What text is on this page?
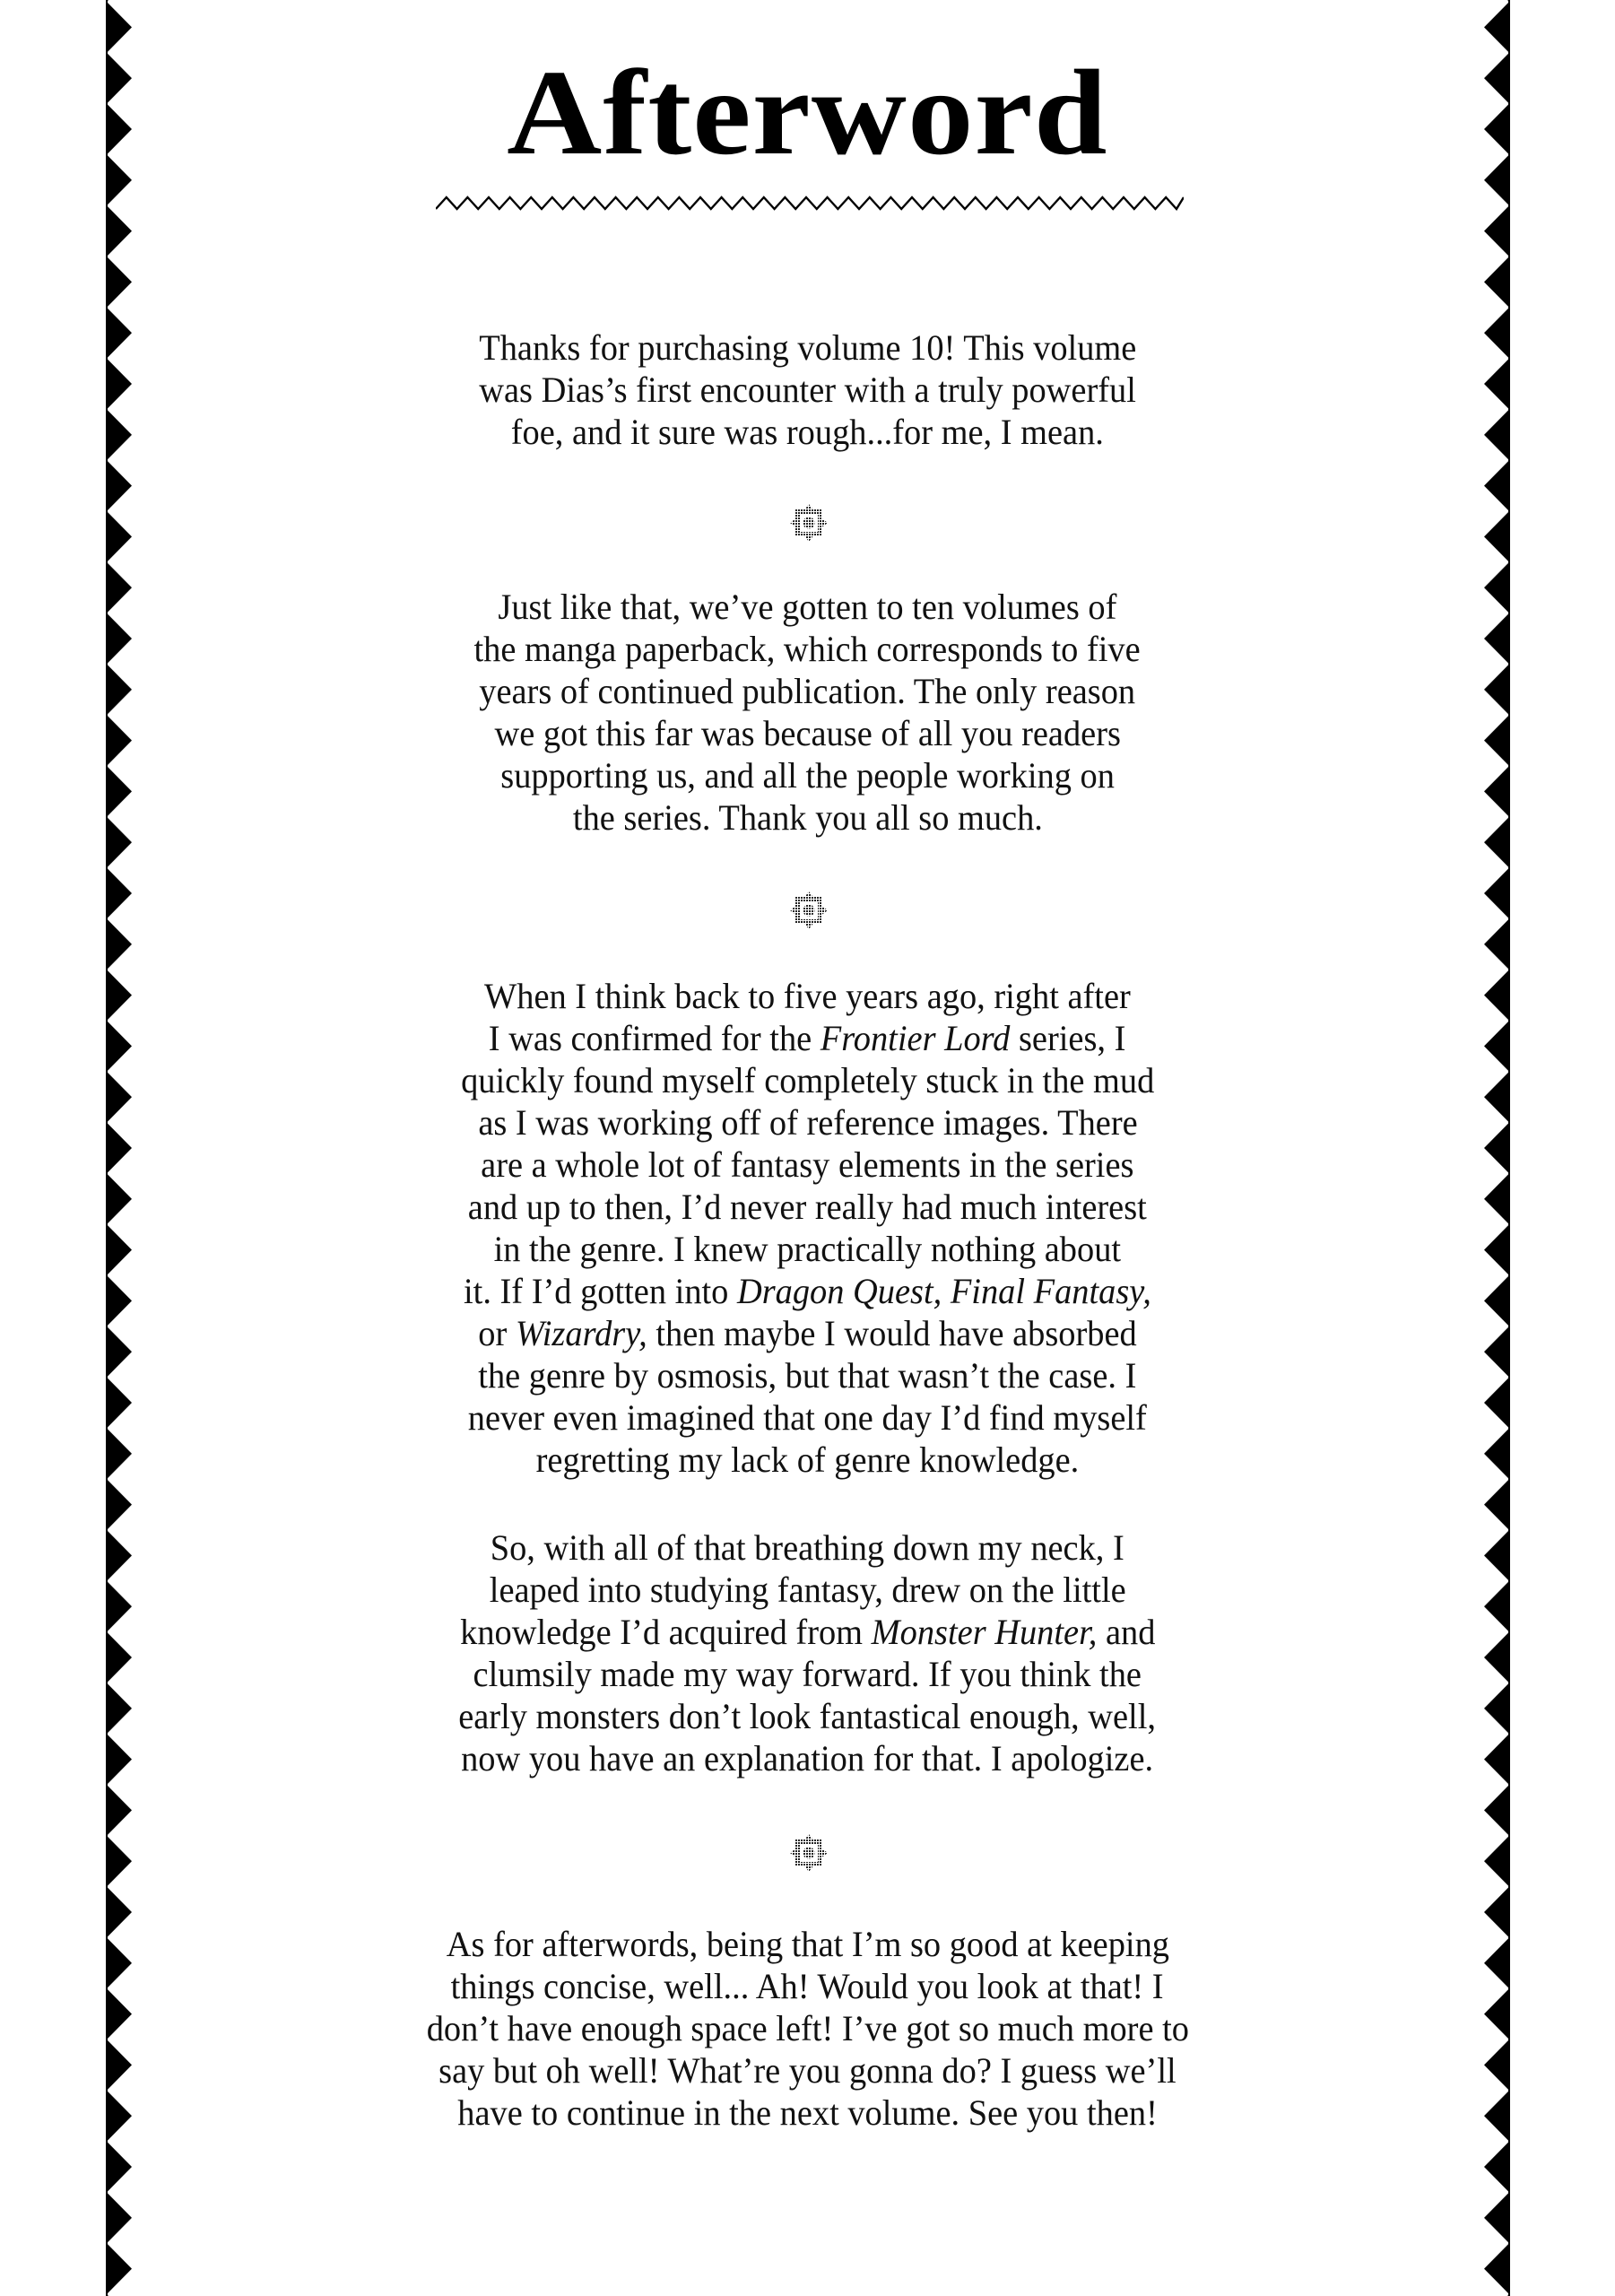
Afterword
Thanks for purchasing volume 10! This volume
was Dias’s first encounter with a truly powerful
foe, and it sure was rough...for me, I mean.
Just like that, we’ve gotten to ten volumes of
the manga paperback, which corresponds to five
years of continued publication. The only reason
we got this far was because of all you readers
supporting us, and all the people working on
the series. Thank you all so much.
When I think back to five years ago, right after
I was confirmed for the Frontier Lord series, I
quickly found myself completely stuck in the mud
as I was working off of reference images. There
are a whole lot of fantasy elements in the series
and up to then, I’d never really had much interest
in the genre. I knew practically nothing about
it. If I’d gotten into Dragon Quest, Final Fantasy,
or Wizardry, then maybe I would have absorbed
the genre by osmosis, but that wasn’t the case. I
never even imagined that one day I’d find myself
regretting my lack of genre knowledge.
So, with all of that breathing down my neck, I
leaped into studying fantasy, drew on the little
knowledge I’d acquired from Monster Hunter, and
clumsily made my way forward. If you think the
early monsters don’t look fantastical enough, well,
now you have an explanation for that. I apologize.
As for afterwords, being that I’m so good at keeping
things concise, well... Ah! Would you look at that! I
don’t have enough space left! I’ve got so much more to
say but oh well! What’re you gonna do? I guess we’ll
have to continue in the next volume. See you then!
